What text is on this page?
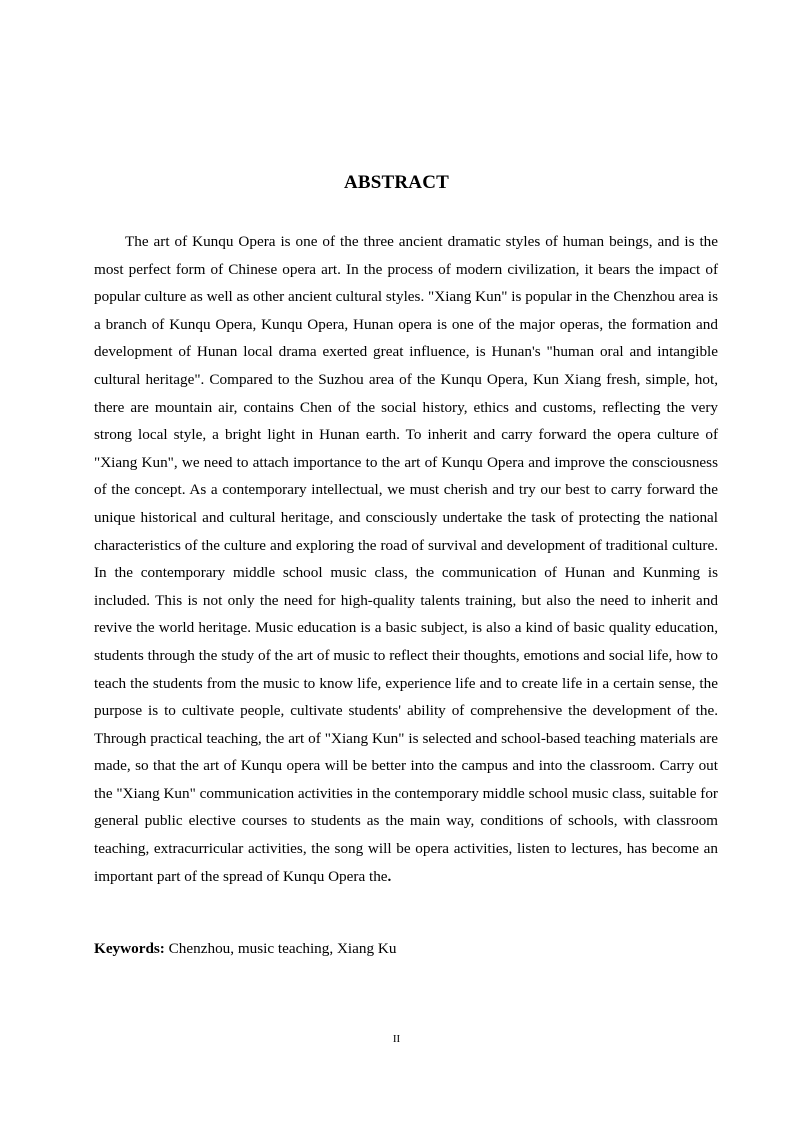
ABSTRACT

The art of Kunqu Opera is one of the three ancient dramatic styles of human beings, and is the most perfect form of Chinese opera art. In the process of modern civilization, it bears the impact of popular culture as well as other ancient cultural styles. "Xiang Kun" is popular in the Chenzhou area is a branch of Kunqu Opera, Kunqu Opera, Hunan opera is one of the major operas, the formation and development of Hunan local drama exerted great influence, is Hunan's "human oral and intangible cultural heritage". Compared to the Suzhou area of the Kunqu Opera, Kun Xiang fresh, simple, hot, there are mountain air, contains Chen of the social history, ethics and customs, reflecting the very strong local style, a bright light in Hunan earth. To inherit and carry forward the opera culture of "Xiang Kun", we need to attach importance to the art of Kunqu Opera and improve the consciousness of the concept. As a contemporary intellectual, we must cherish and try our best to carry forward the unique historical and cultural heritage, and consciously undertake the task of protecting the national characteristics of the culture and exploring the road of survival and development of traditional culture. In the contemporary middle school music class, the communication of Hunan and Kunming is included. This is not only the need for high-quality talents training, but also the need to inherit and revive the world heritage. Music education is a basic subject, is also a kind of basic quality education, students through the study of the art of music to reflect their thoughts, emotions and social life, how to teach the students from the music to know life, experience life and to create life in a certain sense, the purpose is to cultivate people, cultivate students' ability of comprehensive the development of the. Through practical teaching, the art of "Xiang Kun" is selected and school-based teaching materials are made, so that the art of Kunqu opera will be better into the campus and into the classroom. Carry out the "Xiang Kun" communication activities in the contemporary middle school music class, suitable for general public elective courses to students as the main way, conditions of schools, with classroom teaching, extracurricular activities, the song will be opera activities, listen to lectures, has become an important part of the spread of Kunqu Opera the.

Keywords: Chenzhou, music teaching, Xiang Ku

II
